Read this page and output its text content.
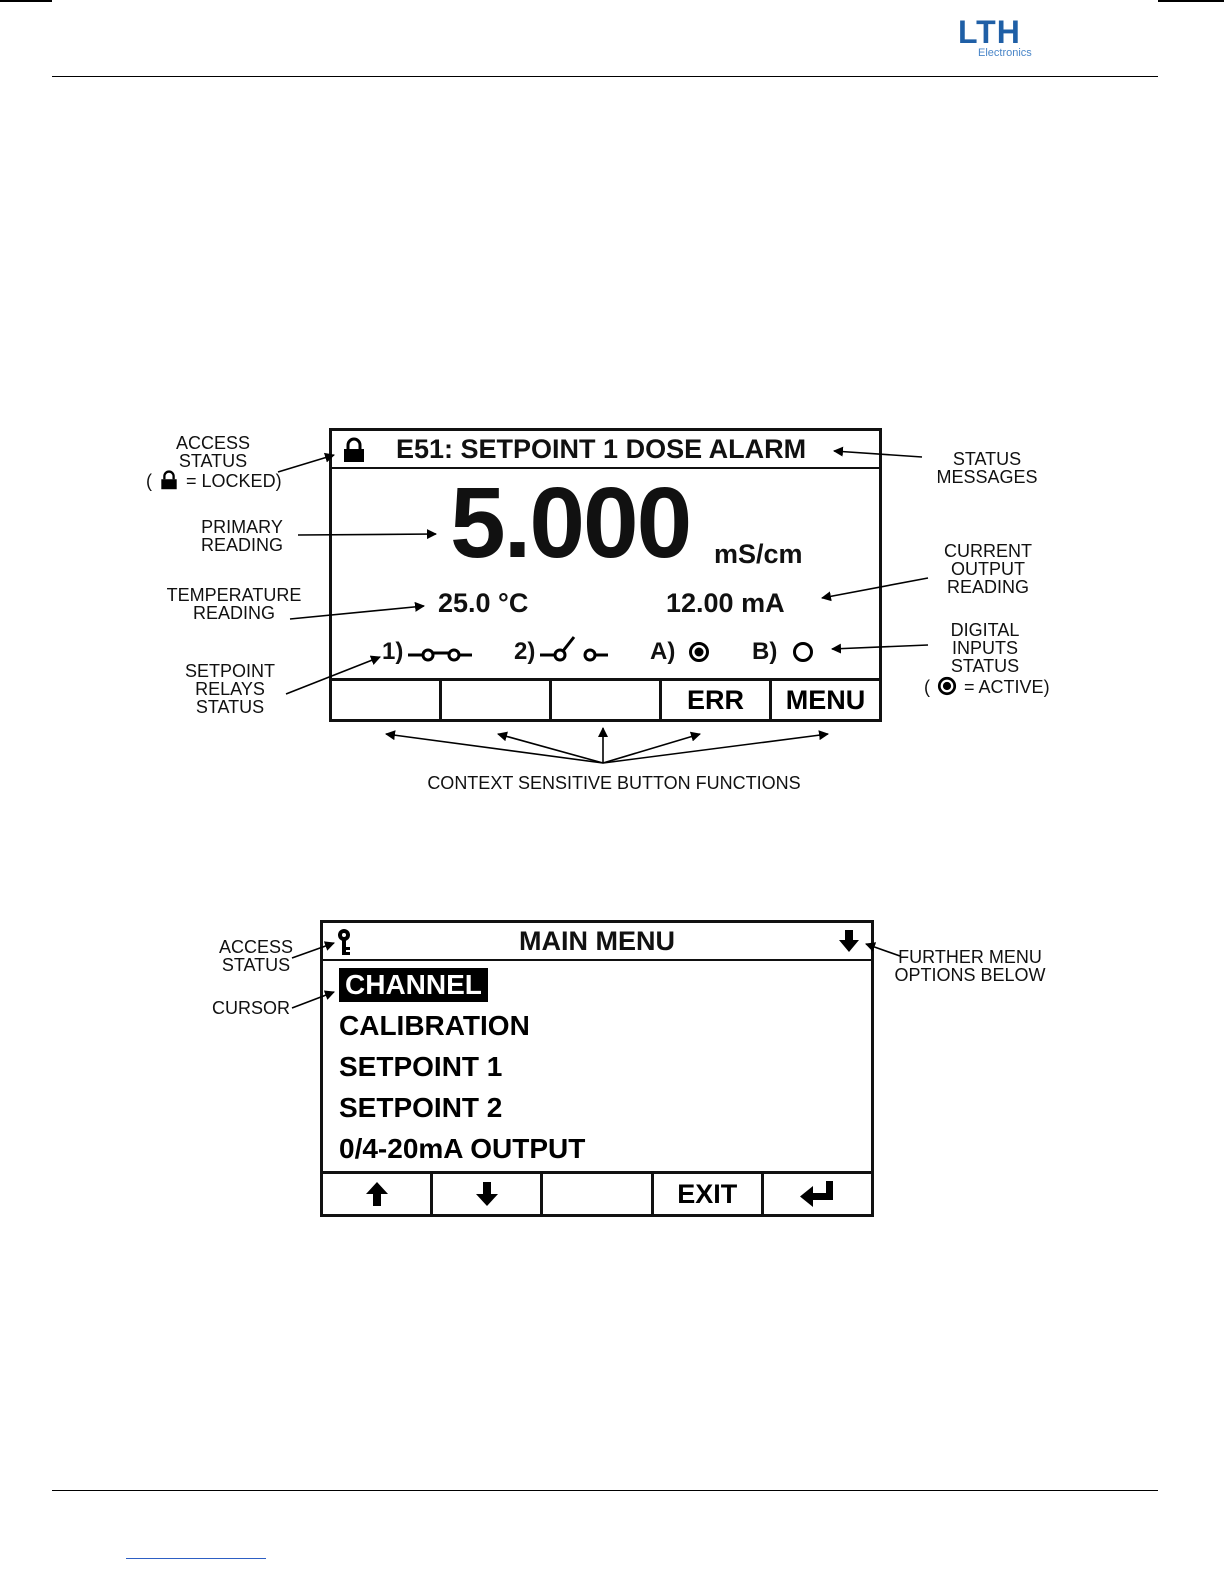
LTH
Electronics
E51: SETPOINT 1 DOSE ALARM
5.000 mS/cm
25.0 °C	12.00 mA
1)	2)	A)	B)
ERR	MENU
ACCESS
STATUS
( = LOCKED)
PRIMARY
READING
TEMPERATURE
READING
SETPOINT
RELAYS
STATUS
STATUS
MESSAGES
CURRENT
OUTPUT
READING
DIGITAL
INPUTS
STATUS
( = ACTIVE)
CONTEXT SENSITIVE BUTTON FUNCTIONS
MAIN MENU
CHANNEL
CALIBRATION
SETPOINT 1
SETPOINT 2
0/4-20mA OUTPUT
EXIT
ACCESS
STATUS
CURSOR
FURTHER MENU
OPTIONS BELOW
